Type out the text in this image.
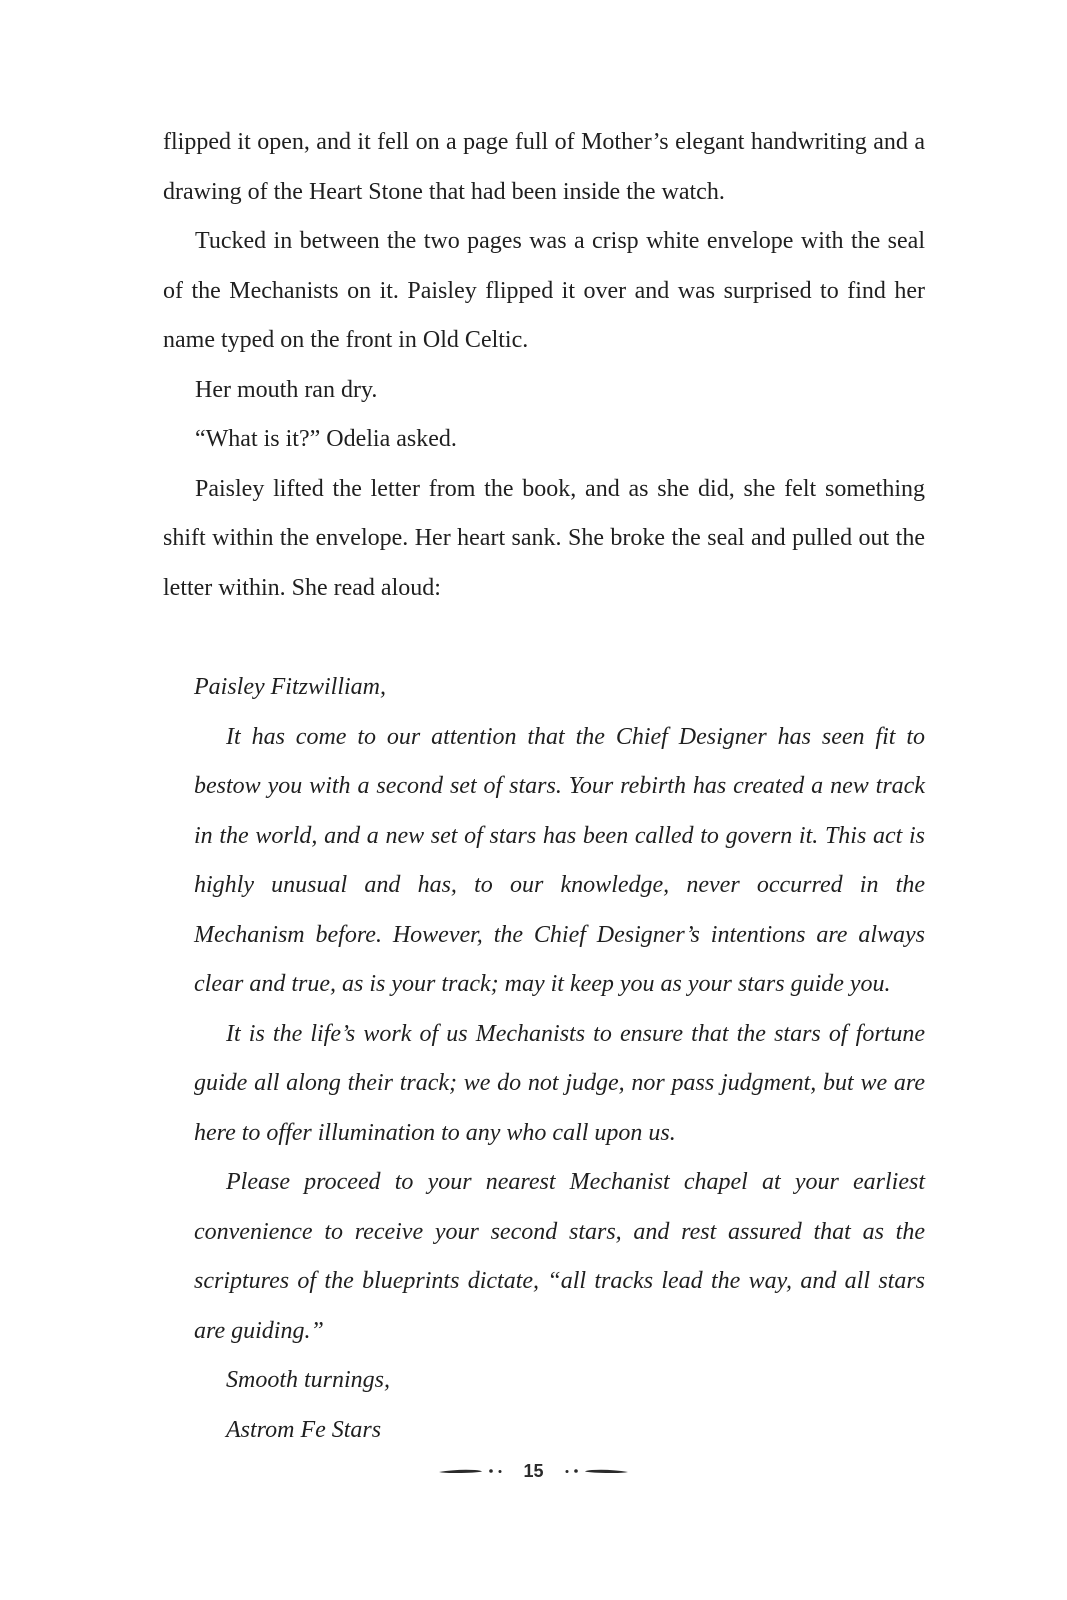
flipped it open, and it fell on a page full of Mother’s elegant handwriting and a drawing of the Heart Stone that had been inside the watch.

Tucked in between the two pages was a crisp white envelope with the seal of the Mechanists on it. Paisley flipped it over and was surprised to find her name typed on the front in Old Celtic.

Her mouth ran dry.

“What is it?” Odelia asked.

Paisley lifted the letter from the book, and as she did, she felt something shift within the envelope. Her heart sank. She broke the seal and pulled out the letter within. She read aloud:

Paisley Fitzwilliam,

It has come to our attention that the Chief Designer has seen fit to bestow you with a second set of stars. Your rebirth has created a new track in the world, and a new set of stars has been called to govern it. This act is highly unusual and has, to our knowledge, never occurred in the Mechanism before. However, the Chief Designer’s intentions are always clear and true, as is your track; may it keep you as your stars guide you.

It is the life’s work of us Mechanists to ensure that the stars of fortune guide all along their track; we do not judge, nor pass judgment, but we are here to offer illumination to any who call upon us.

Please proceed to your nearest Mechanist chapel at your earliest convenience to receive your second stars, and rest assured that as the scriptures of the blueprints dictate, “all tracks lead the way, and all stars are guiding.”

Smooth turnings,

Astrom Fe Stars

15
